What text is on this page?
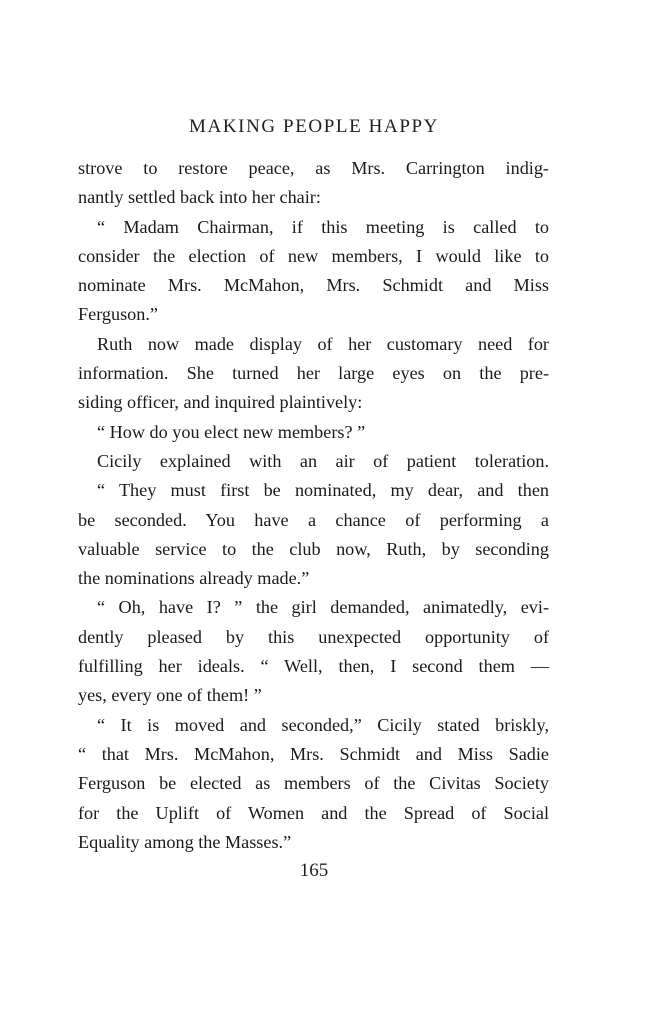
MAKING PEOPLE HAPPY
strove to restore peace, as Mrs. Carrington indig-
nantly settled back into her chair:
“ Madam Chairman, if this meeting is called to
consider the election of new members, I would like to
nominate Mrs. McMahon, Mrs. Schmidt and Miss
Ferguson.”
Ruth now made display of her customary need for
information. She turned her large eyes on the pre-
siding officer, and inquired plaintively:
“ How do you elect new members? ”
Cicily explained with an air of patient toleration.
“ They must first be nominated, my dear, and then
be seconded. You have a chance of performing a
valuable service to the club now, Ruth, by seconding
the nominations already made.”
“ Oh, have I? ” the girl demanded, animatedly, evi-
dently pleased by this unexpected opportunity of
fulfilling her ideals. “ Well, then, I second them —
yes, every one of them! ”
“ It is moved and seconded,” Cicily stated briskly,
“ that Mrs. McMahon, Mrs. Schmidt and Miss Sadie
Ferguson be elected as members of the Civitas Society
for the Uplift of Women and the Spread of Social
Equality among the Masses.”
165
